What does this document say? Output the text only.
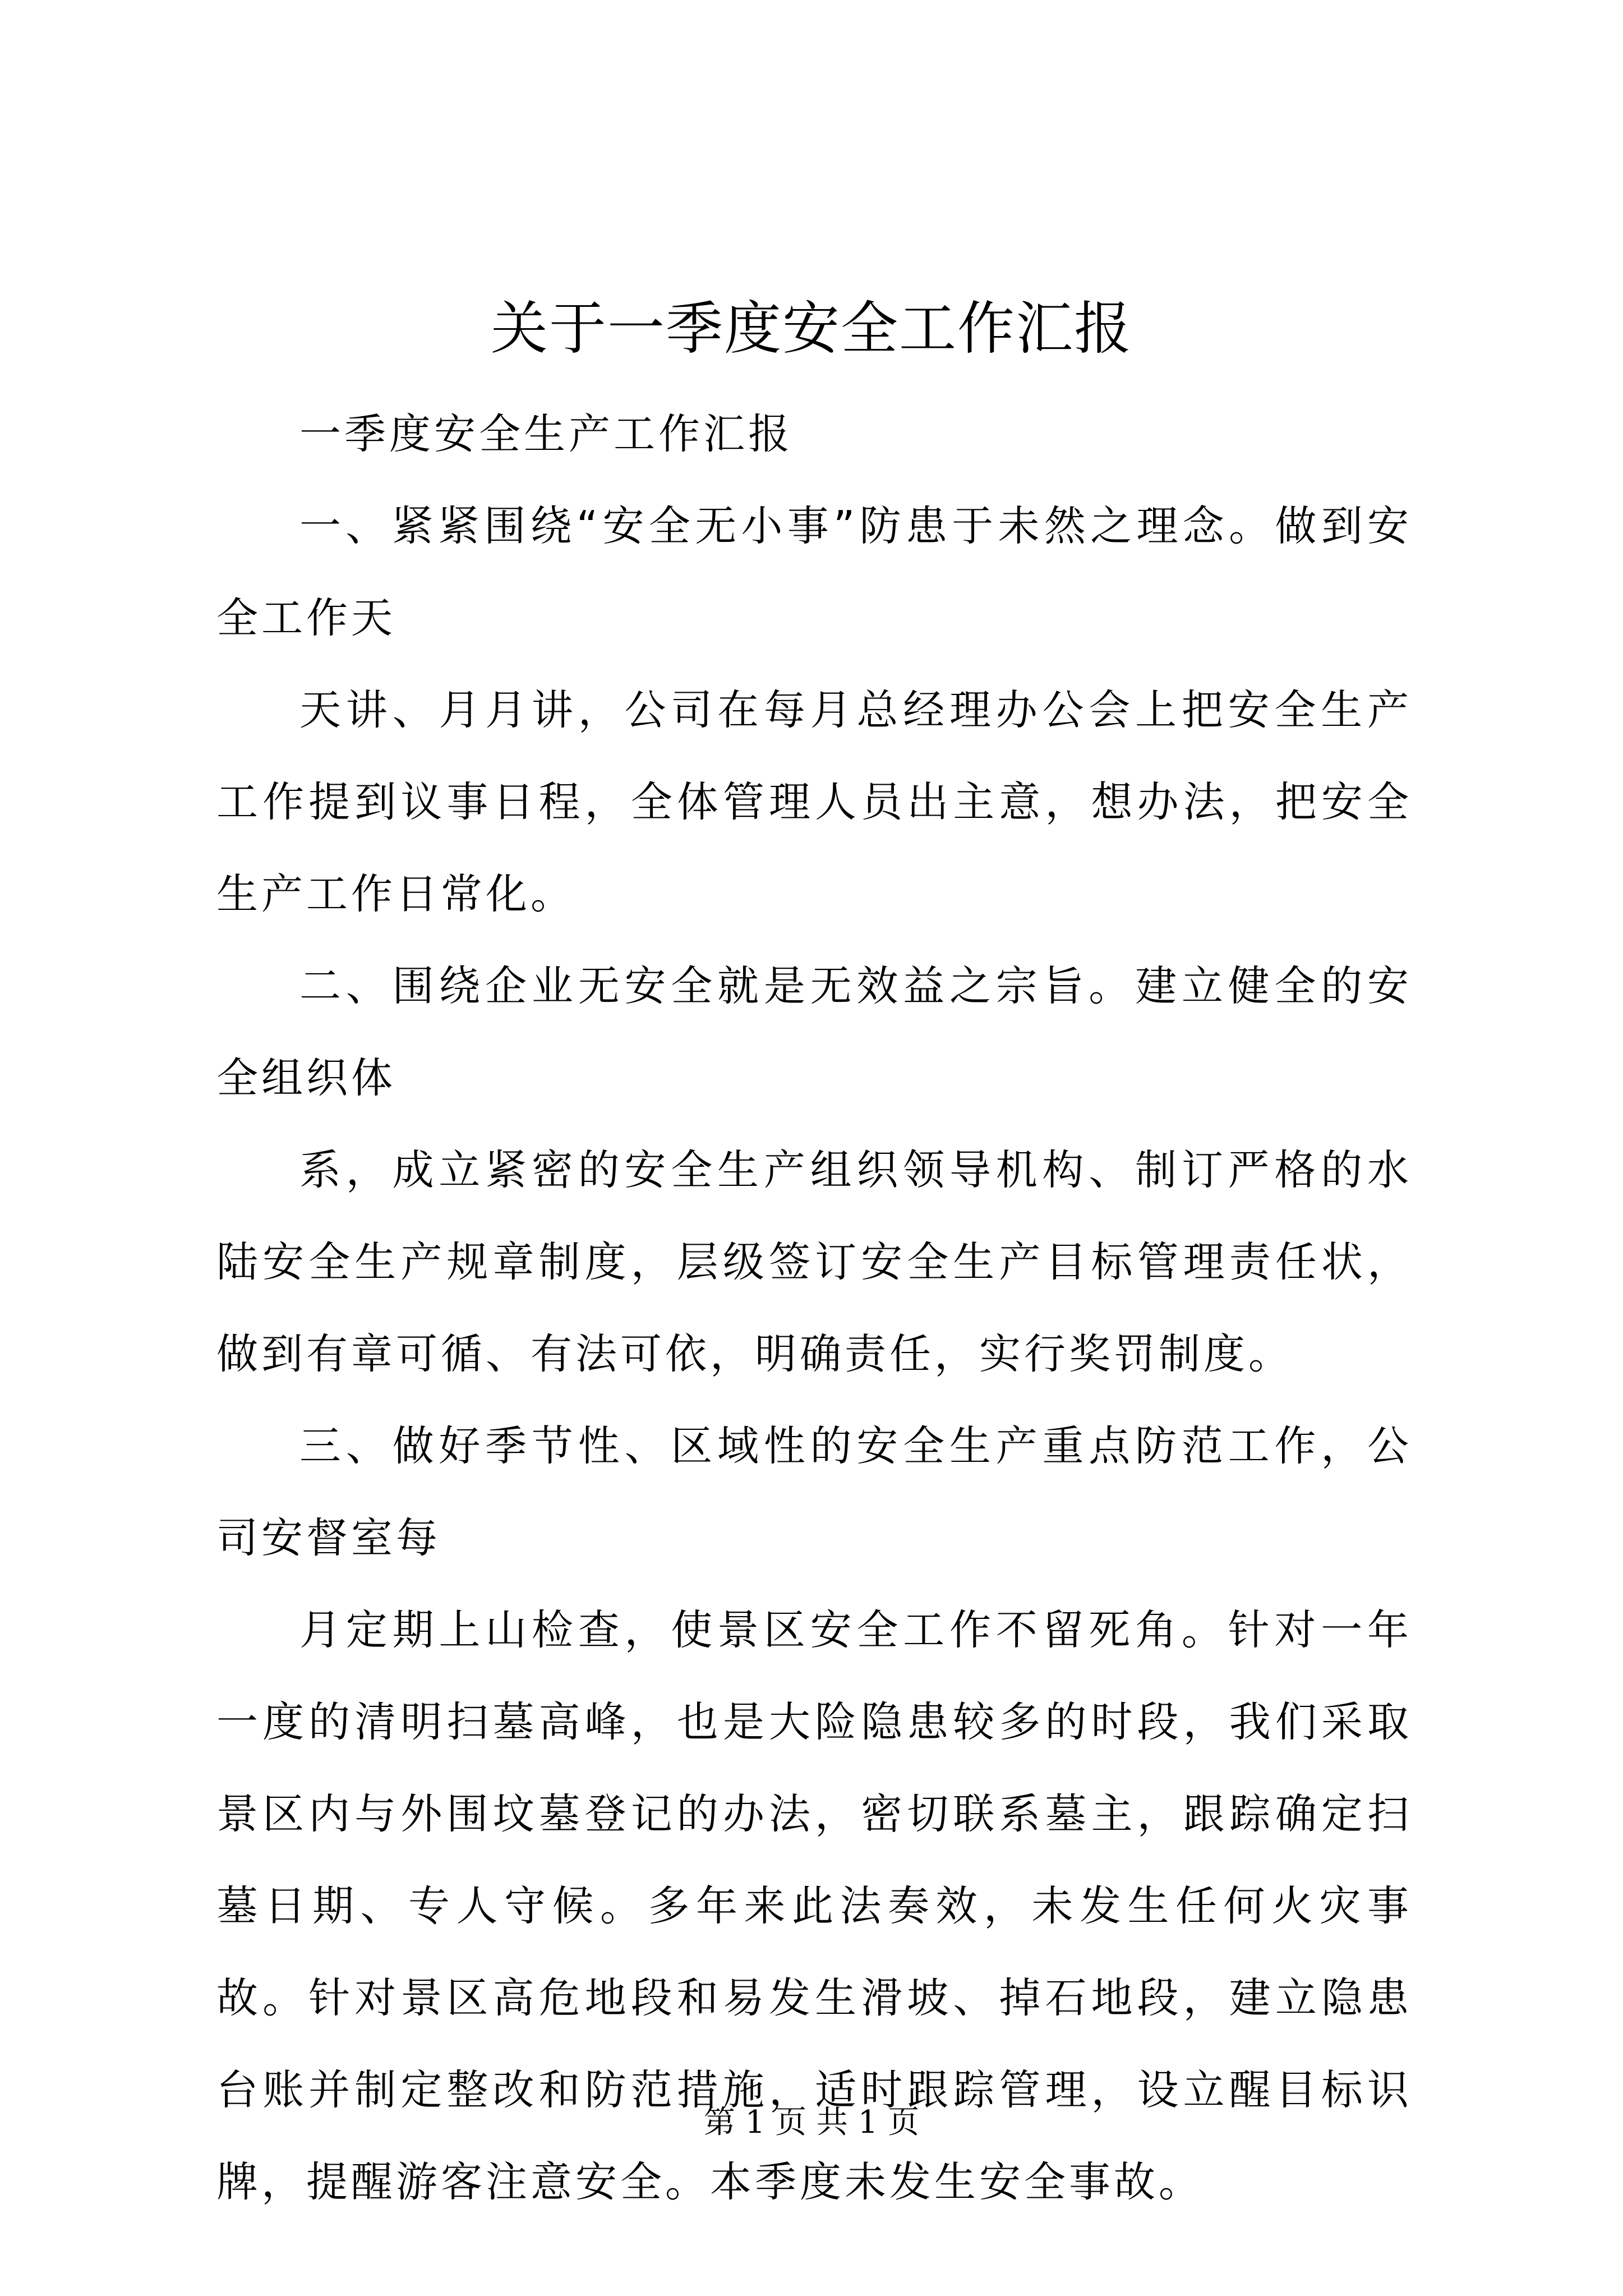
关于一季度安全工作汇报

一季度安全生产工作汇报

一、紧紧围绕“安全无小事”防患于未然之理念。做到安全工作天

天讲、月月讲，公司在每月总经理办公会上把安全生产工作提到议事日程，全体管理人员出主意，想办法，把安全生产工作日常化。

二、围绕企业无安全就是无效益之宗旨。建立健全的安全组织体

系，成立紧密的安全生产组织领导机构、制订严格的水陆安全生产规章制度，层级签订安全生产目标管理责任状，做到有章可循、有法可依，明确责任，实行奖罚制度。

三、做好季节性、区域性的安全生产重点防范工作，公司安督室每

月定期上山检查，使景区安全工作不留死角。针对一年一度的清明扫墓高峰，也是大险隐患较多的时段，我们采取景区内与外围坟墓登记的办法，密切联系墓主，跟踪确定扫墓日期、专人守候。多年来此法奏效，未发生任何火灾事故。针对景区高危地段和易发生滑坡、掉石地段，建立隐患台账并制定整改和防范措施，适时跟踪管理，设立醒目标识牌，提醒游客注意安全。本季度未发生安全事故。

第 1 页 共 1 页
